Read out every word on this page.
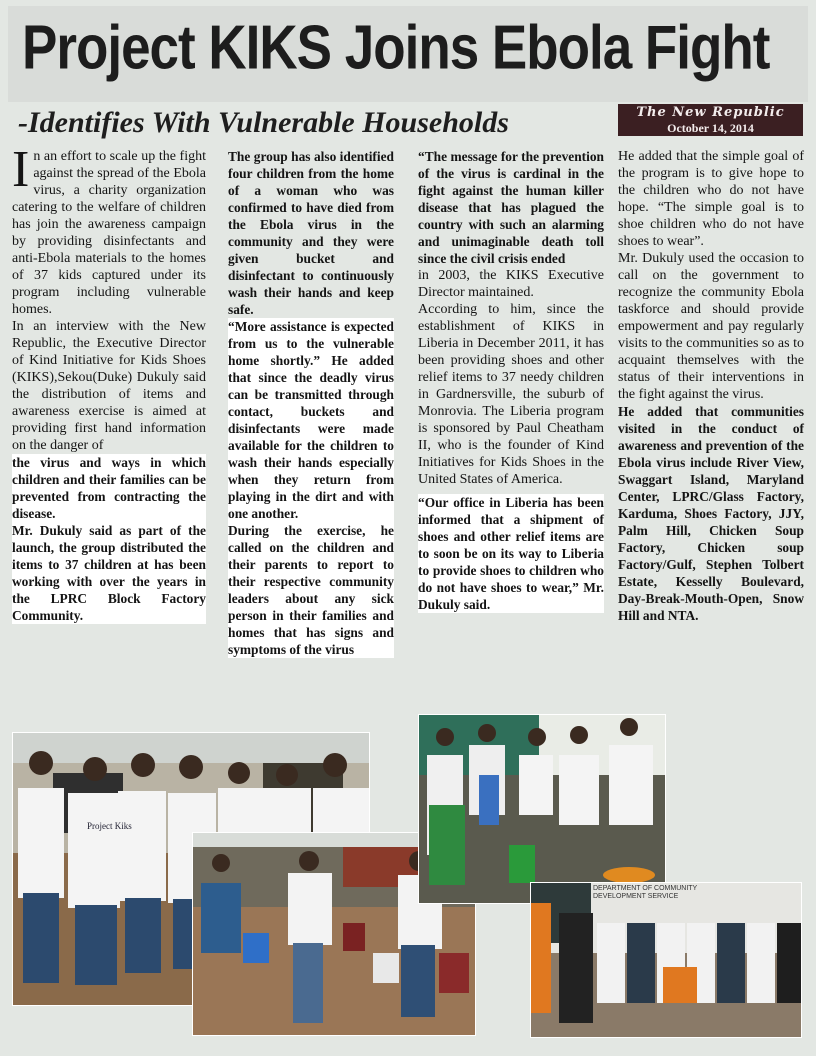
Project KIKS Joins Ebola Fight
-Identifies With Vulnerable Households	The New Republic
October 14, 2014

In an effort to scale up the fight against the spread of the Ebola virus, a charity organization catering to the welfare of children has join the awareness campaign by providing disinfectants and anti-Ebola materials to the homes of 37 kids captured under its program including vulnerable homes.

In an interview with the New Republic, the Executive Director of Kind Initiative for Kids Shoes (KIKS),Sekou(Duke) Dukuly said the distribution of items and awareness exercise is aimed at providing first hand information on the danger of

the virus and ways in which children and their families can be prevented from contracting the disease.

Mr. Dukuly said as part of the launch, the group distributed the items to 37 children at has been working with over the years in the LPRC Block Factory Community.

The group has also identified four children from the home of a woman who was confirmed to have died from the Ebola virus in the community and they were given bucket and disinfectant to continuously wash their hands and keep safe.

“More assistance is expected from us to the vulnerable home shortly.” He added that since the deadly virus can be transmitted through contact, buckets and disinfectants were made available for the children to wash their hands especially when they return from playing in the dirt and with one another.

During the exercise, he called on the children and their parents to report to their respective community leaders about any sick person in their families and homes that has signs and symptoms of the virus

“The message for the prevention of the virus is cardinal in the fight against the human killer disease that has plagued the country with such an alarming and unimaginable death toll since the civil crisis ended

in 2003, the KIKS Executive Director maintained.

According to him, since the establishment of KIKS in Liberia in December 2011, it has been providing shoes and other relief items to 37 needy children in Gardnersville, the suburb of Monrovia. The Liberia program is sponsored by Paul Cheatham II, who is the founder of Kind Initiatives for Kids Shoes in the United States of America.

“Our office in Liberia has been informed that a shipment of shoes and other relief items are to soon be on its way to Liberia to provide shoes to children who do not have shoes to wear,” Mr. Dukuly said.

He added that the simple goal of the program is to give hope to the children who do not have hope. “The simple goal is to shoe children who do not have shoes to wear”.

Mr. Dukuly used the occasion to call on the government to recognize the community Ebola taskforce and should provide empowerment and pay regularly visits to the communities so as to acquaint themselves with the status of their interventions in the fight against the virus.

He added that communities visited in the conduct of awareness and prevention of the Ebola virus include River View, Swaggart Island, Maryland Center, LPRC/Glass Factory, Karduma, Shoes Factory, JJY, Palm Hill, Chicken Soup Factory, Chicken soup Factory/Gulf, Stephen Tolbert Estate, Kesselly Boulevard, Day-Break-Mouth-Open, Snow Hill and NTA.

Project Kiks
DEPARTMENT OF COMMUNITY DEVELOPMENT SERVICE
